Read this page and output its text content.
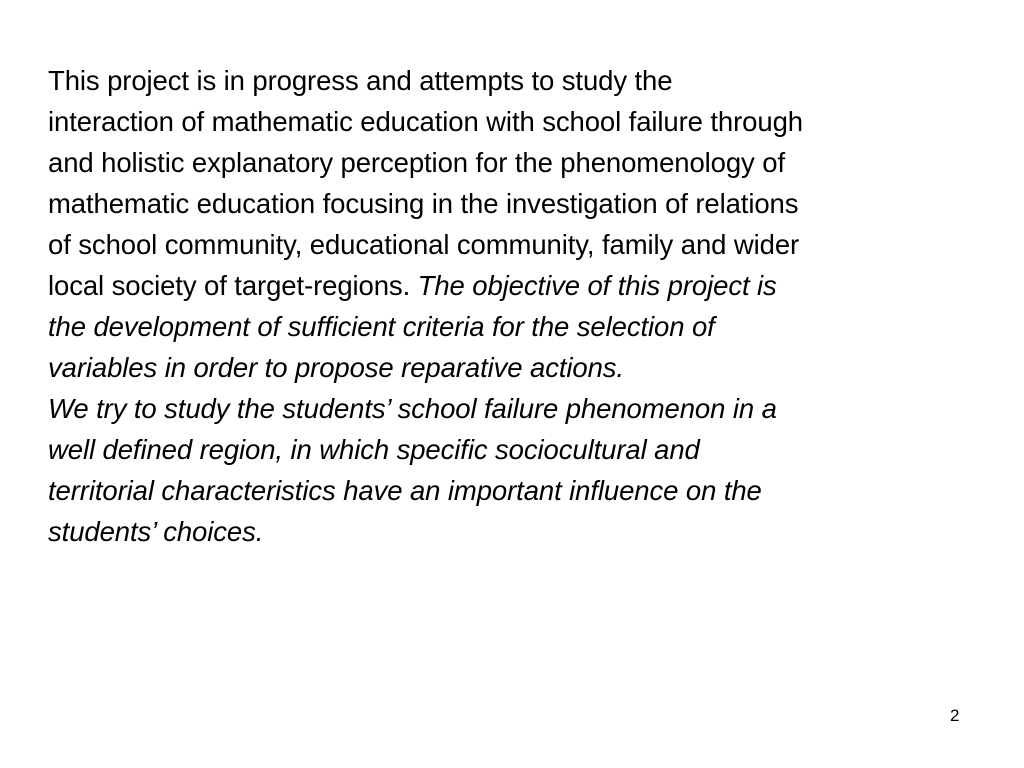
This project is in progress and attempts to study the
interaction of mathematic education with school failure through
and holistic explanatory perception for the phenomenology of
mathematic education focusing in the investigation of relations
of school community, educational community, family and wider
local society of target-regions. The objective of this project is
the development of sufficient criteria for the selection of
variables in order to propose reparative actions.
We try to study the students’ school failure phenomenon in a
well defined region, in which specific sociocultural and
territorial characteristics have an important influence on the
students’ choices.

2
